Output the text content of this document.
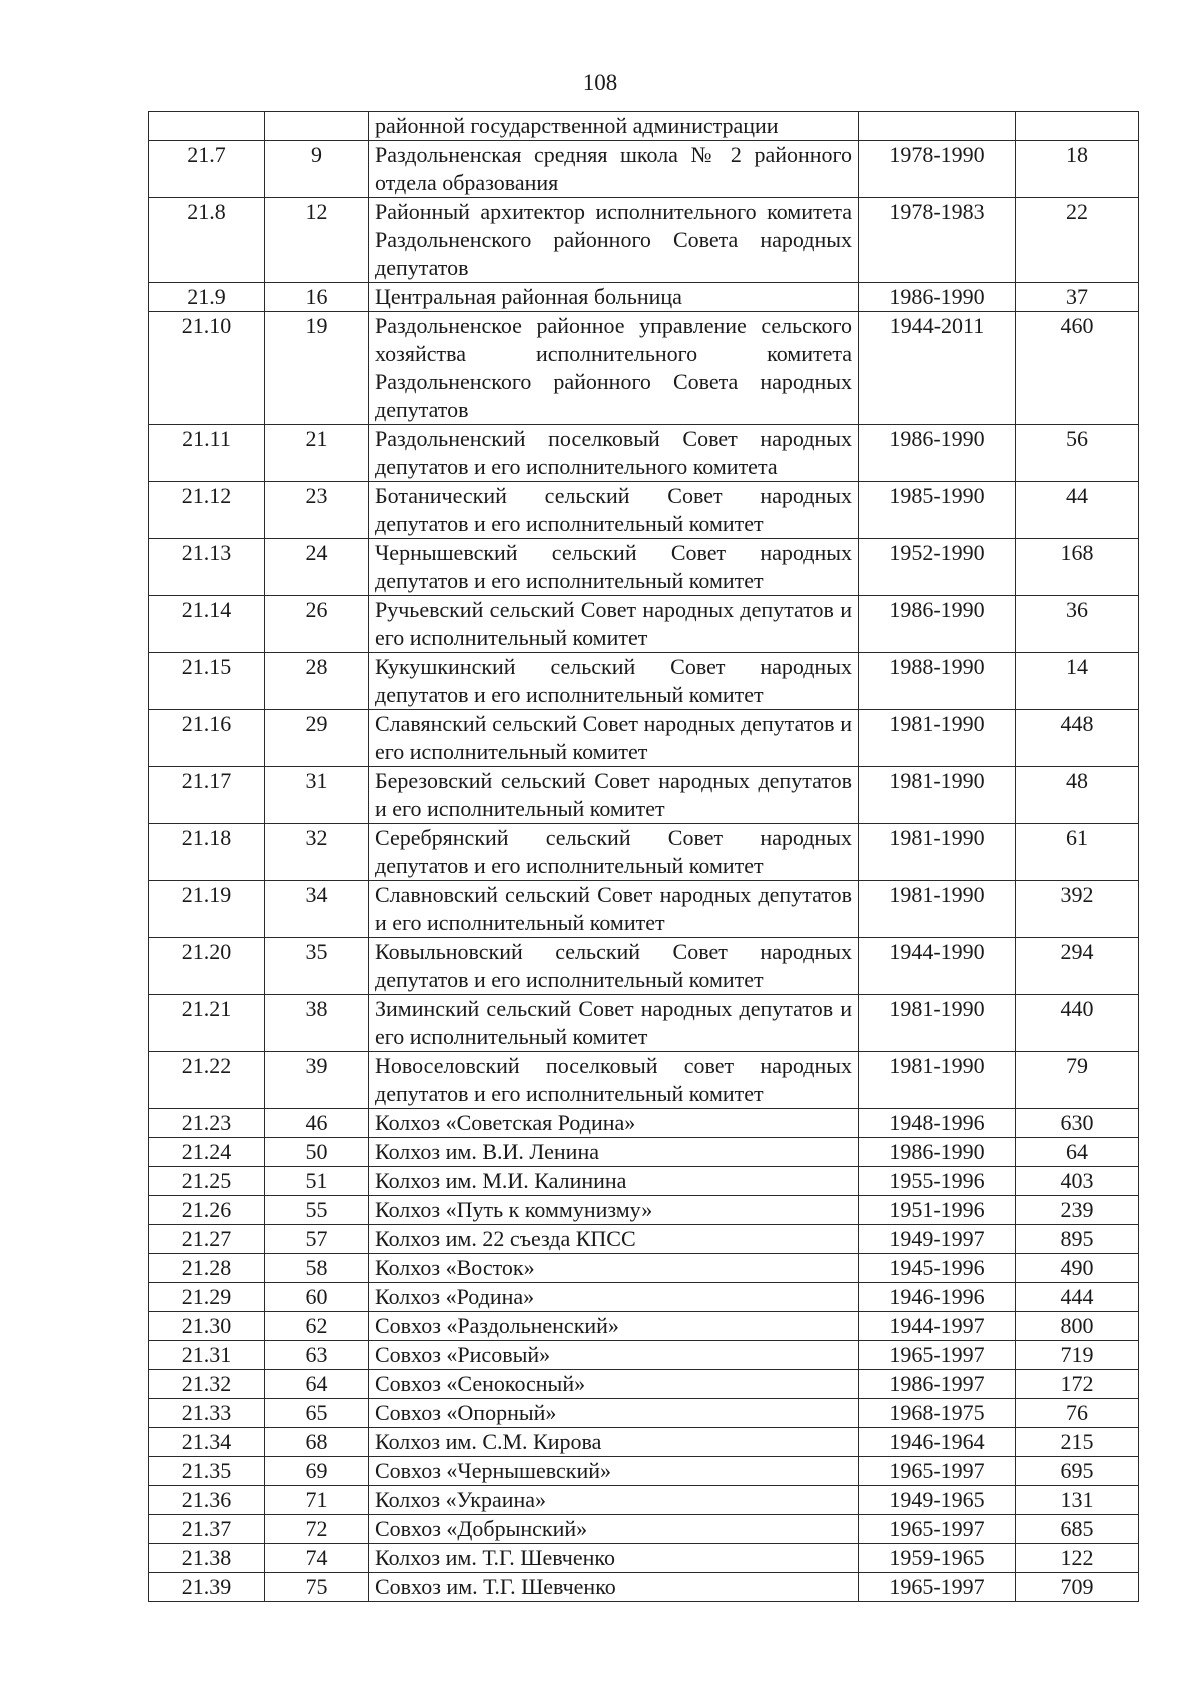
108
		районной государственной администрации		
21.7	9	Раздольненская средняя школа № 2 районного отдела образования	1978-1990	18
21.8	12	Районный архитектор исполнительного комитета Раздольненского районного Совета народных депутатов	1978-1983	22
21.9	16	Центральная районная больница	1986-1990	37
21.10	19	Раздольненское районное управление сельского хозяйства исполнительного комитета Раздольненского районного Совета народных депутатов	1944-2011	460
21.11	21	Раздольненский поселковый Совет народных депутатов и его исполнительного комитета	1986-1990	56
21.12	23	Ботанический сельский Совет народных депутатов и его исполнительный комитет	1985-1990	44
21.13	24	Чернышевский сельский Совет народных депутатов и его исполнительный комитет	1952-1990	168
21.14	26	Ручьевский сельский Совет народных депутатов и его исполнительный комитет	1986-1990	36
21.15	28	Кукушкинский сельский Совет народных депутатов и его исполнительный комитет	1988-1990	14
21.16	29	Славянский сельский Совет народных депутатов и его исполнительный комитет	1981-1990	448
21.17	31	Березовский сельский Совет народных депутатов и его исполнительный комитет	1981-1990	48
21.18	32	Серебрянский сельский Совет народных депутатов и его исполнительный комитет	1981-1990	61
21.19	34	Славновский сельский Совет народных депутатов и его исполнительный комитет	1981-1990	392
21.20	35	Ковыльновский сельский Совет народных депутатов и его исполнительный комитет	1944-1990	294
21.21	38	Зиминский сельский Совет народных депутатов и его исполнительный комитет	1981-1990	440
21.22	39	Новоселовский поселковый совет народных депутатов и его исполнительный комитет	1981-1990	79
21.23	46	Колхоз «Советская Родина»	1948-1996	630
21.24	50	Колхоз им. В.И. Ленина	1986-1990	64
21.25	51	Колхоз им. М.И. Калинина	1955-1996	403
21.26	55	Колхоз «Путь к коммунизму»	1951-1996	239
21.27	57	Колхоз им. 22 съезда КПСС	1949-1997	895
21.28	58	Колхоз «Восток»	1945-1996	490
21.29	60	Колхоз «Родина»	1946-1996	444
21.30	62	Совхоз «Раздольненский»	1944-1997	800
21.31	63	Совхоз «Рисовый»	1965-1997	719
21.32	64	Совхоз «Сенокосный»	1986-1997	172
21.33	65	Совхоз «Опорный»	1968-1975	76
21.34	68	Колхоз им. С.М. Кирова	1946-1964	215
21.35	69	Совхоз «Чернышевский»	1965-1997	695
21.36	71	Колхоз «Украина»	1949-1965	131
21.37	72	Совхоз «Добрынский»	1965-1997	685
21.38	74	Колхоз им. Т.Г. Шевченко	1959-1965	122
21.39	75	Совхоз им. Т.Г. Шевченко	1965-1997	709
